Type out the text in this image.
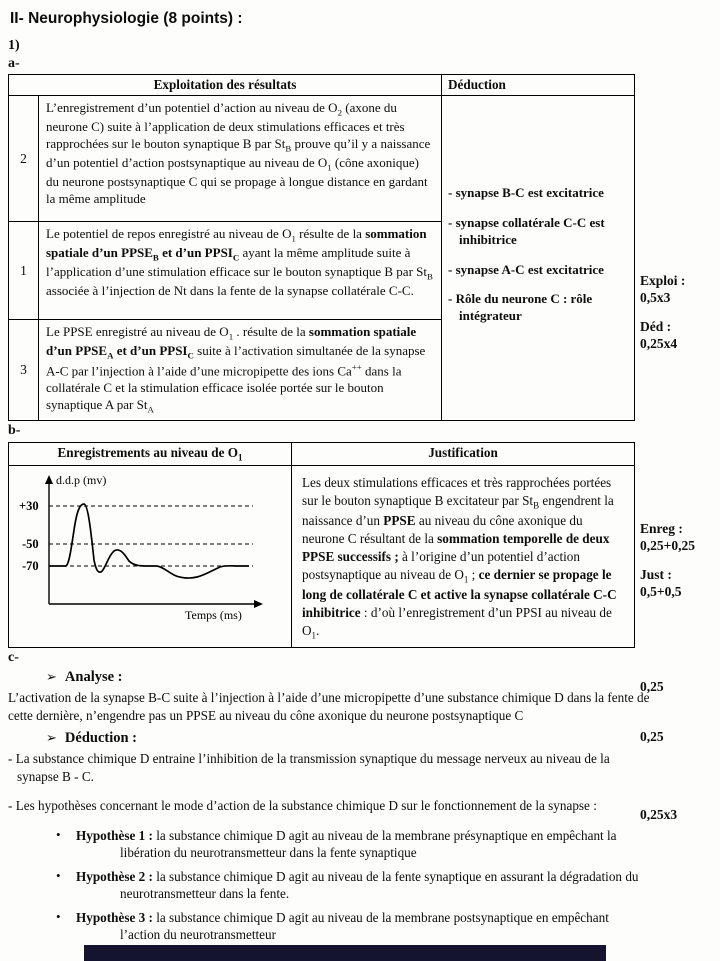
II- Neurophysiologie (8 points) :
1)
a-
Exploitation des résultats		Déduction
2	L’enregistrement d’un potentiel d’action au niveau de $O_2$ (axone du neurone C) suite à l’application de deux stimulations efficaces et très rapprochées sur le bouton synaptique B par $St_B$ prouve qu’il y a naissance d’un potentiel d’action postsynaptique au niveau de $O_1$ (cône axonique) du neurone postsynaptique C qui se propage à longue distance en gardant la même amplitude	- synapse B-C est excitatrice
- synapse collatérale C-C est inhibitrice
- synapse A-C est excitatrice
- Rôle du neurone C : rôle intégrateur

1	Le potentiel de repos enregistré au niveau de $O_1$ résulte de la sommation spatiale d’un $PPSE_B$ et d’un $PPSI_C$ ayant la même amplitude suite à l’application d’une stimulation efficace sur le bouton synaptique B par $St_B$ associée à l’injection de Nt dans la fente de la synapse collatérale C-C.	
3	Le PPSE enregistré au niveau de $O_1$ . résulte de la sommation spatiale d’un $PPSE_A$ et d’un $PPSI_C$ suite à l’activation simultanée de la synapse A-C par l’injection à l’aide d’une micropipette des ions Ca++ dans la collatérale C et la stimulation efficace isolée portée sur le bouton synaptique A par $St_A$
b-
Enregistrements au niveau de $O_1$	Justification

d.d.p (mv)
+30
-50
-70
Temps (ms)
	Les deux stimulations efficaces et très rapprochées portées sur le bouton synaptique B excitateur par $St_B$ engendrent la naissance d’un PPSE au niveau du cône axonique du neurone C résultant de la sommation temporelle de deux PPSE successifs ; à l’origine d’un potentiel d’action postsynaptique au niveau de $O_1$ ; ce dernier se propage le long de collatérale C et active la synapse collatérale C-C inhibitrice : d’où l’enregistrement d’un PPSI au niveau de $O_1$.
c-
➢ Analyse :
L’activation de la synapse B-C suite à l’injection à l’aide d’une micropipette d’une substance chimique D dans la fente de cette dernière, n’engendre pas un PPSE au niveau du cône axonique du neurone postsynaptique C
➢ Déduction :
- La substance chimique D entraine l’inhibition de la transmission synaptique du message nerveux au niveau de la synapse B - C.
- Les hypothèses concernant le mode d’action de la substance chimique D sur le fonctionnement de la synapse :
•	Hypothèse 1 : la substance chimique D agit au niveau de la membrane présynaptique en empêchant la libération du neurotransmetteur dans la fente synaptique
•	Hypothèse 2 : la substance chimique D agit au niveau de la fente synaptique en assurant la dégradation du neurotransmetteur dans la fente.
•	Hypothèse 3 : la substance chimique D agit au niveau de la membrane postsynaptique en empêchant l’action du neurotransmetteur
Exploi :
0,5x3
Déd :
0,25x4
Enreg :
0,25+0,25
Just :
0,5+0,5
0,25
0,25
0,25x3
